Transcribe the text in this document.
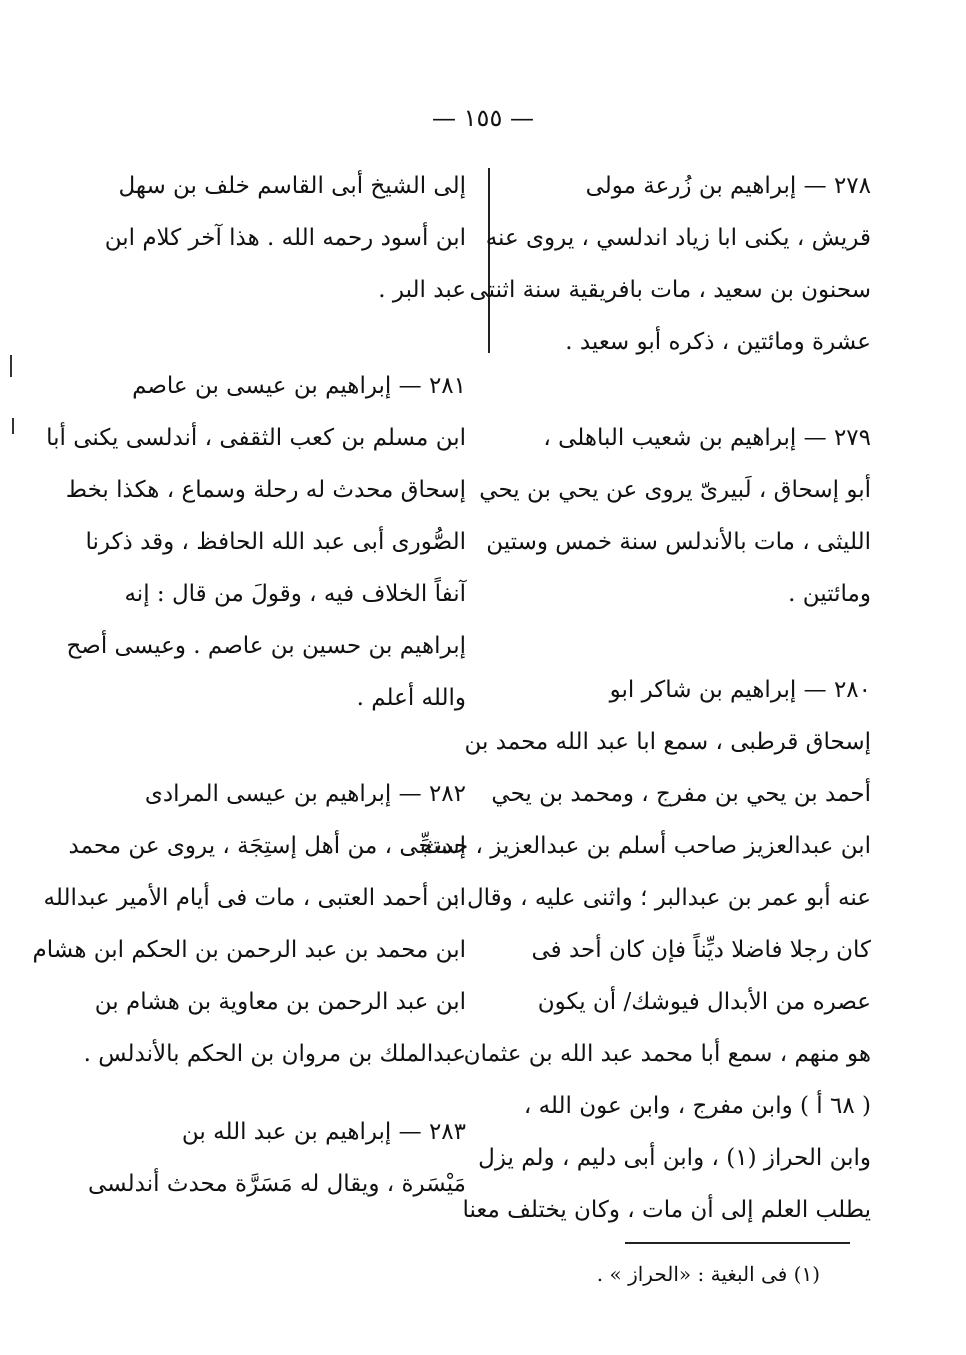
— ١٥٥ —
٢٧٨ — إبراهيم بن زُرعة مولى
قريش ، يكنى ابا زياد اندلسي ، يروى عنه
سحنون بن سعيد ، مات بافريقية سنة اثنتى
عشرة ومائتين ، ذكره أبو سعيد .
٢٧٩ — إبراهيم بن شعيب الباهلى ،
أبو إسحاق ، لَبيرىّ يروى عن يحي بن يحي
الليثى ، مات بالأندلس سنة خمس وستين
ومائتين .
٢٨٠ — إبراهيم بن شاكر ابو
إسحاق قرطبى ، سمع ابا عبد الله محمد بن
أحمد بن يحي بن مفرج ، ومحمد بن يحي
ابن عبدالعزيز صاحب أسلم بن عبدالعزيز ، حدث
عنه أبو عمر بن عبدالبر ؛ واثنى عليه ، وقال :
كان رجلا فاضلا ديِّناً فإن كان أحد فى
عصره من الأبدال فيوشك/ أن يكون
هو منهم ، سمع أبا محمد عبد الله بن عثمان
( ٦٨ أ ) وابن مفرج ، وابن عون الله ،
وابن الحراز (١) ، وابن أبى دليم ، ولم يزل
يطلب العلم إلى أن مات ، وكان يختلف معنا
إلى الشيخ أبى القاسم خلف بن سهل
ابن أسود رحمه الله . هذا آخر كلام ابن
عبد البر .
٢٨١ — إبراهيم بن عيسى بن عاصم
ابن مسلم بن كعب الثقفى ، أندلسى يكنى أبا
إسحاق محدث له رحلة وسماع ، هكذا بخط
الصُّورى أبى عبد الله الحافظ ، وقد ذكرنا
آنفاً الخلاف فيه ، وقولَ من قال : إنه
إبراهيم بن حسين بن عاصم . وعيسى أصح
والله أعلم .
٢٨٢ — إبراهيم بن عيسى المرادى
إستجِّى ، من أهل إستِجَة ، يروى عن محمد
ابن أحمد العتبى ، مات فى أيام الأمير عبدالله
ابن محمد بن عبد الرحمن بن الحكم ابن هشام
ابن عبد الرحمن بن معاوية بن هشام بن
عبدالملك بن مروان بن الحكم بالأندلس .
٢٨٣ — إبراهيم بن عبد الله بن
مَيْسَرة ، ويقال له مَسَرَّة محدث أندلسى
(١) فى البغية : «الحراز » .
